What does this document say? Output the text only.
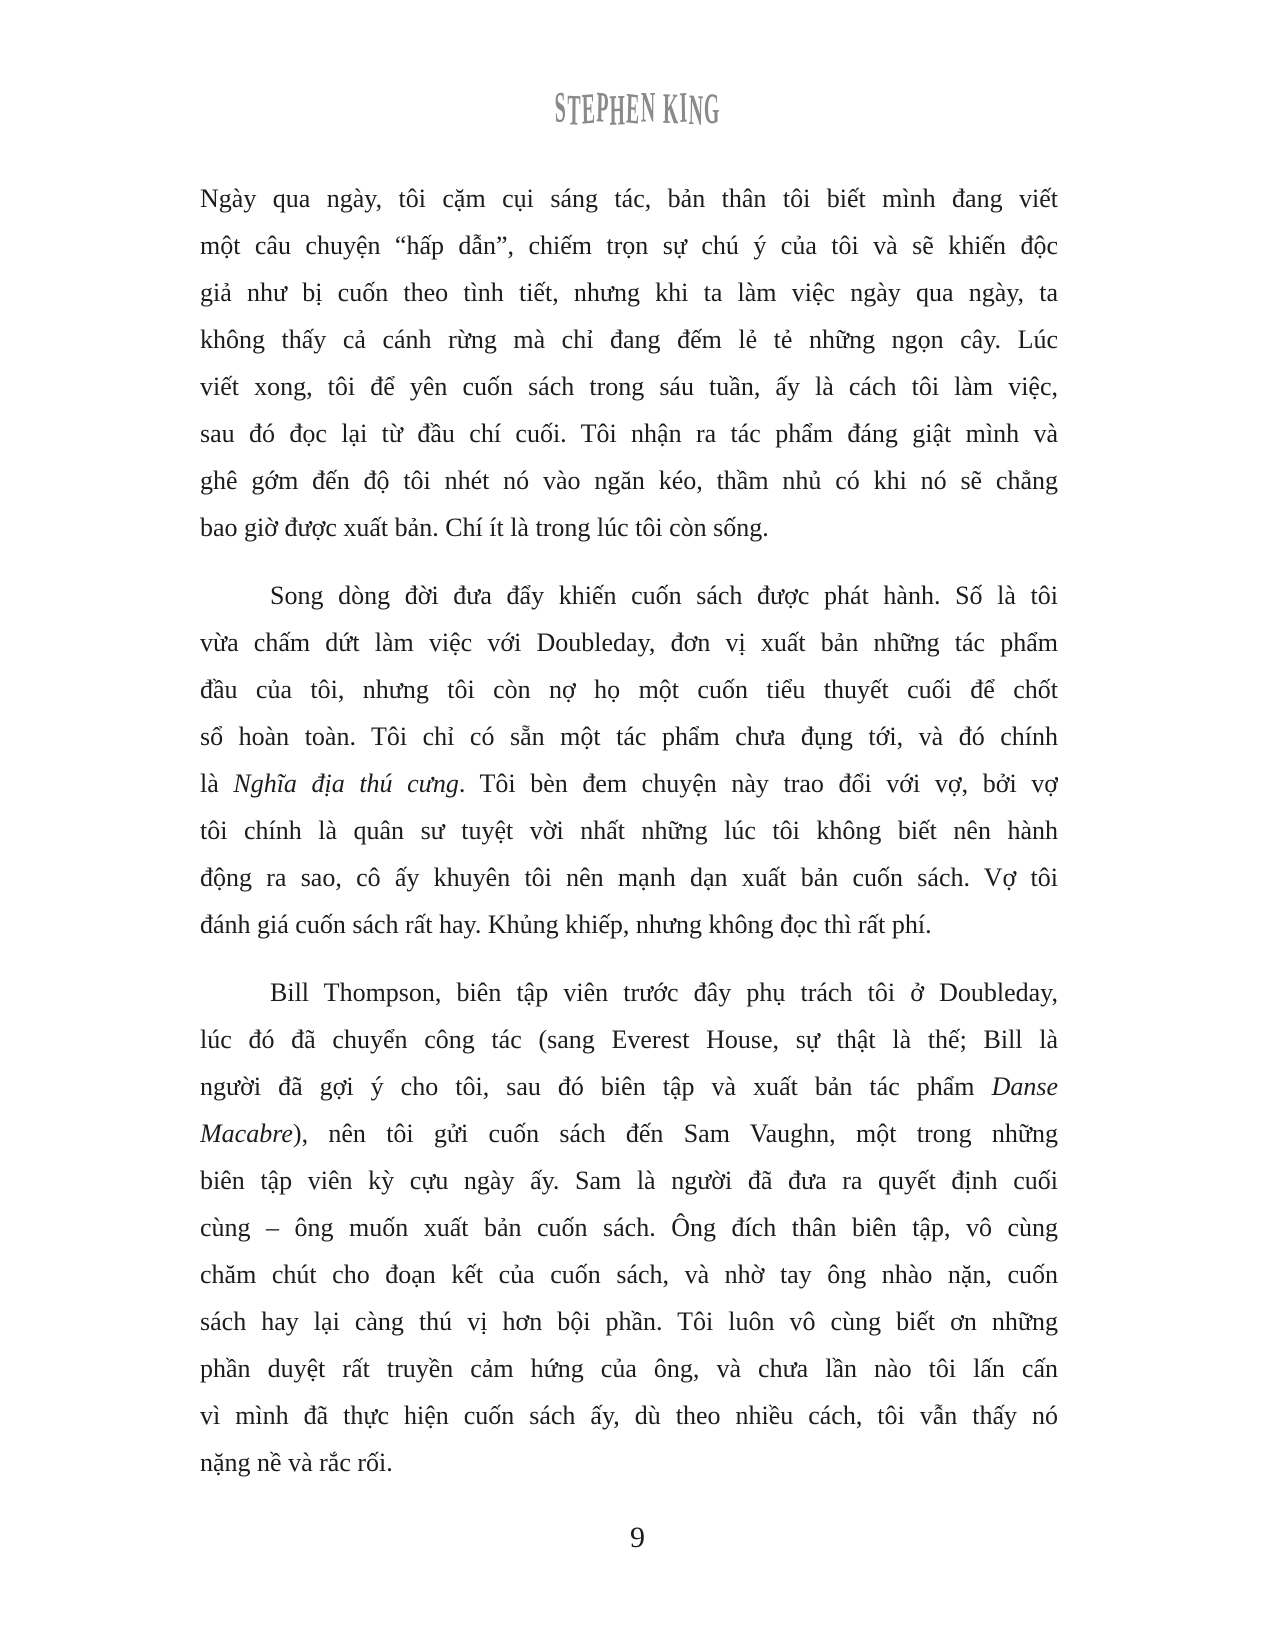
STEPHEN KING
Ngày qua ngày, tôi cặm cụi sáng tác, bản thân tôi biết mình đang viết
một câu chuyện “hấp dẫn”, chiếm trọn sự chú ý của tôi và sẽ khiến độc
giả như bị cuốn theo tình tiết, nhưng khi ta làm việc ngày qua ngày, ta
không thấy cả cánh rừng mà chỉ đang đếm lẻ tẻ những ngọn cây. Lúc
viết xong, tôi để yên cuốn sách trong sáu tuần, ấy là cách tôi làm việc,
sau đó đọc lại từ đầu chí cuối. Tôi nhận ra tác phẩm đáng giật mình và
ghê gớm đến độ tôi nhét nó vào ngăn kéo, thầm nhủ có khi nó sẽ chẳng
bao giờ được xuất bản. Chí ít là trong lúc tôi còn sống.
Song dòng đời đưa đẩy khiến cuốn sách được phát hành. Số là tôi
vừa chấm dứt làm việc với Doubleday, đơn vị xuất bản những tác phẩm
đầu của tôi, nhưng tôi còn nợ họ một cuốn tiểu thuyết cuối để chốt
sổ hoàn toàn. Tôi chỉ có sẵn một tác phẩm chưa đụng tới, và đó chính
là Nghĩa địa thú cưng. Tôi bèn đem chuyện này trao đổi với vợ, bởi vợ
tôi chính là quân sư tuyệt vời nhất những lúc tôi không biết nên hành
động ra sao, cô ấy khuyên tôi nên mạnh dạn xuất bản cuốn sách. Vợ tôi
đánh giá cuốn sách rất hay. Khủng khiếp, nhưng không đọc thì rất phí.
Bill Thompson, biên tập viên trước đây phụ trách tôi ở Doubleday,
lúc đó đã chuyển công tác (sang Everest House, sự thật là thế; Bill là
người đã gợi ý cho tôi, sau đó biên tập và xuất bản tác phẩm Danse
Macabre), nên tôi gửi cuốn sách đến Sam Vaughn, một trong những
biên tập viên kỳ cựu ngày ấy. Sam là người đã đưa ra quyết định cuối
cùng – ông muốn xuất bản cuốn sách. Ông đích thân biên tập, vô cùng
chăm chút cho đoạn kết của cuốn sách, và nhờ tay ông nhào nặn, cuốn
sách hay lại càng thú vị hơn bội phần. Tôi luôn vô cùng biết ơn những
phần duyệt rất truyền cảm hứng của ông, và chưa lần nào tôi lấn cấn
vì mình đã thực hiện cuốn sách ấy, dù theo nhiều cách, tôi vẫn thấy nó
nặng nề và rắc rối.
9
